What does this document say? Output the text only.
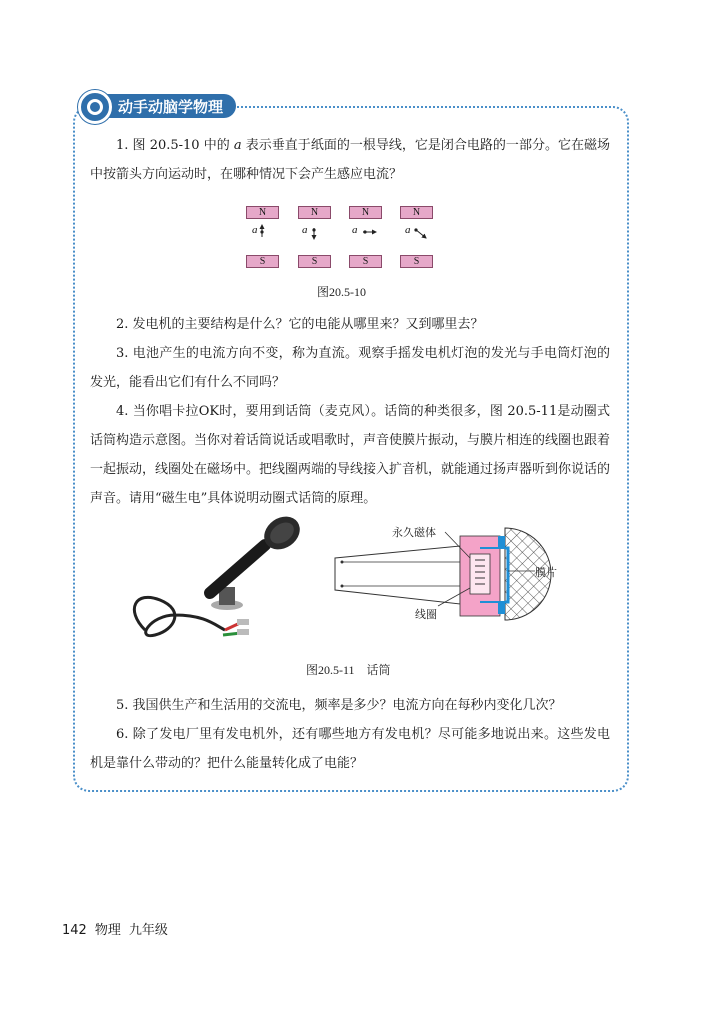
动手动脑学物理
1. 图 20.5-10 中的 a 表示垂直于纸面的一根导线，它是闭合电路的一部分。它在磁场中按箭头方向运动时，在哪种情况下会产生感应电流？
N	N	N	N
a	a	a	a
S	S	S	S
图20.5-10
2. 发电机的主要结构是什么？它的电能从哪里来？又到哪里去？
3. 电池产生的电流方向不变，称为直流。观察手摇发电机灯泡的发光与手电筒灯泡的发光，能看出它们有什么不同吗？
4. 当你唱卡拉OK时，要用到话筒（麦克风）。话筒的种类很多，图 20.5-11是动圈式话筒构造示意图。当你对着话筒说话或唱歌时，声音使膜片振动，与膜片相连的线圈也跟着一起振动，线圈处在磁场中。把线圈两端的导线接入扩音机，就能通过扬声器听到你说话的声音。请用“磁生电”具体说明动圈式话筒的原理。
永久磁体
膜片
线圈
图20.5-11　话筒
5. 我国供生产和生活用的交流电，频率是多少？电流方向在每秒内变化几次？
6. 除了发电厂里有发电机外，还有哪些地方有发电机？尽可能多地说出来。这些发电机是靠什么带动的？把什么能量转化成了电能？
142 物理 九年级
